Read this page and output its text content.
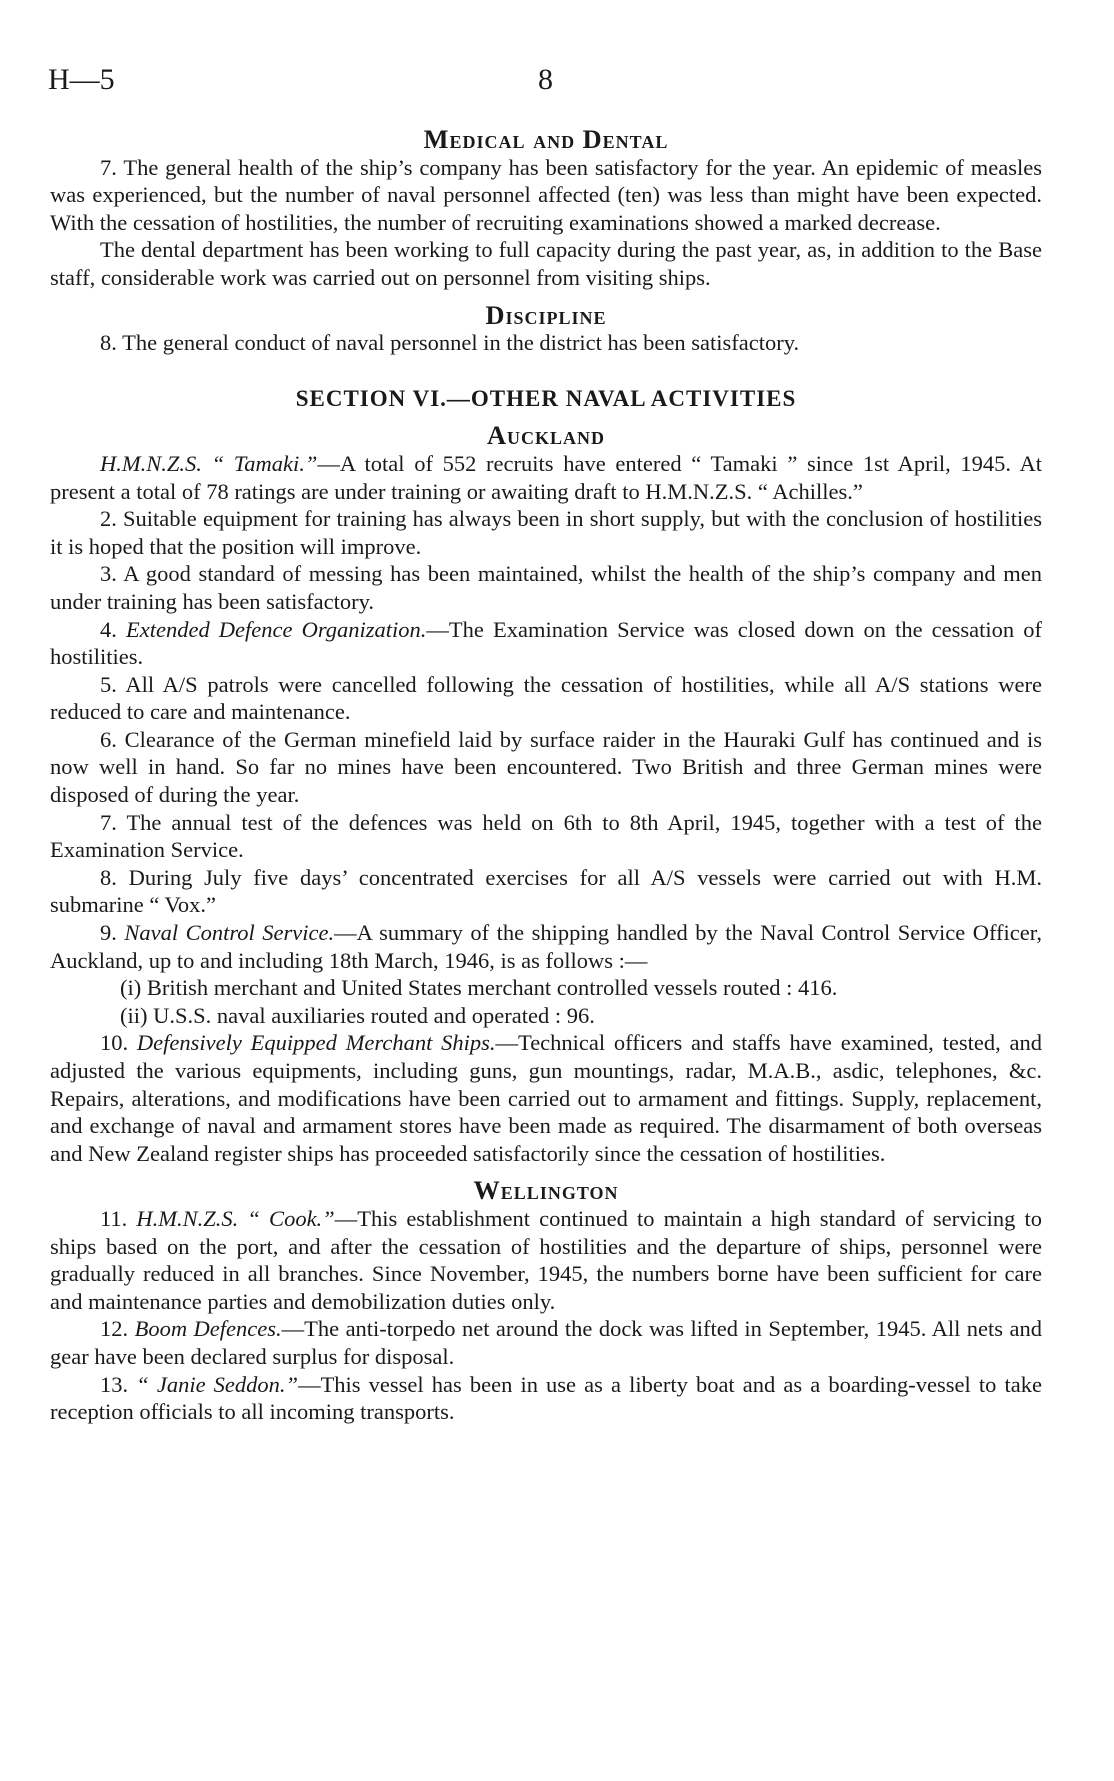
H—5	8
Medical and Dental

7. The general health of the ship’s company has been satisfactory for the year. An epidemic of measles was experienced, but the number of naval personnel affected (ten) was less than might have been expected. With the cessation of hostilities, the number of recruiting examinations showed a marked decrease.

The dental department has been working to full capacity during the past year, as, in addition to the Base staff, considerable work was carried out on personnel from visiting ships.

Discipline

8. The general conduct of naval personnel in the district has been satisfactory.

SECTION VI.—OTHER NAVAL ACTIVITIES
Auckland

H.M.N.Z.S. “ Tamaki.”—A total of 552 recruits have entered “ Tamaki ” since 1st April, 1945. At present a total of 78 ratings are under training or awaiting draft to H.M.N.Z.S. “ Achilles.”

2. Suitable equipment for training has always been in short supply, but with the conclusion of hostilities it is hoped that the position will improve.

3. A good standard of messing has been maintained, whilst the health of the ship’s company and men under training has been satisfactory.

4. Extended Defence Organization.—The Examination Service was closed down on the cessation of hostilities.

5. All A/S patrols were cancelled following the cessation of hostilities, while all A/S stations were reduced to care and maintenance.

6. Clearance of the German minefield laid by surface raider in the Hauraki Gulf has continued and is now well in hand. So far no mines have been encountered. Two British and three German mines were disposed of during the year.

7. The annual test of the defences was held on 6th to 8th April, 1945, together with a test of the Examination Service.

8. During July five days’ concentrated exercises for all A/S vessels were carried out with H.M. submarine “ Vox.”

9. Naval Control Service.—A summary of the shipping handled by the Naval Control Service Officer, Auckland, up to and including 18th March, 1946, is as follows :—

(i) British merchant and United States merchant controlled vessels routed : 416.
(ii) U.S.S. naval auxiliaries routed and operated : 96.

10. Defensively Equipped Merchant Ships.—Technical officers and staffs have examined, tested, and adjusted the various equipments, including guns, gun mountings, radar, M.A.B., asdic, telephones, &c. Repairs, alterations, and modifications have been carried out to armament and fittings. Supply, replacement, and exchange of naval and armament stores have been made as required. The disarmament of both overseas and New Zealand register ships has proceeded satisfactorily since the cessation of hostilities.

Wellington

11. H.M.N.Z.S. “ Cook.”—This establishment continued to maintain a high standard of servicing to ships based on the port, and after the cessation of hostilities and the departure of ships, personnel were gradually reduced in all branches. Since November, 1945, the numbers borne have been sufficient for care and maintenance parties and demobilization duties only.

12. Boom Defences.—The anti-torpedo net around the dock was lifted in September, 1945. All nets and gear have been declared surplus for disposal.

13. “ Janie Seddon.”—This vessel has been in use as a liberty boat and as a boarding-vessel to take reception officials to all incoming transports.
